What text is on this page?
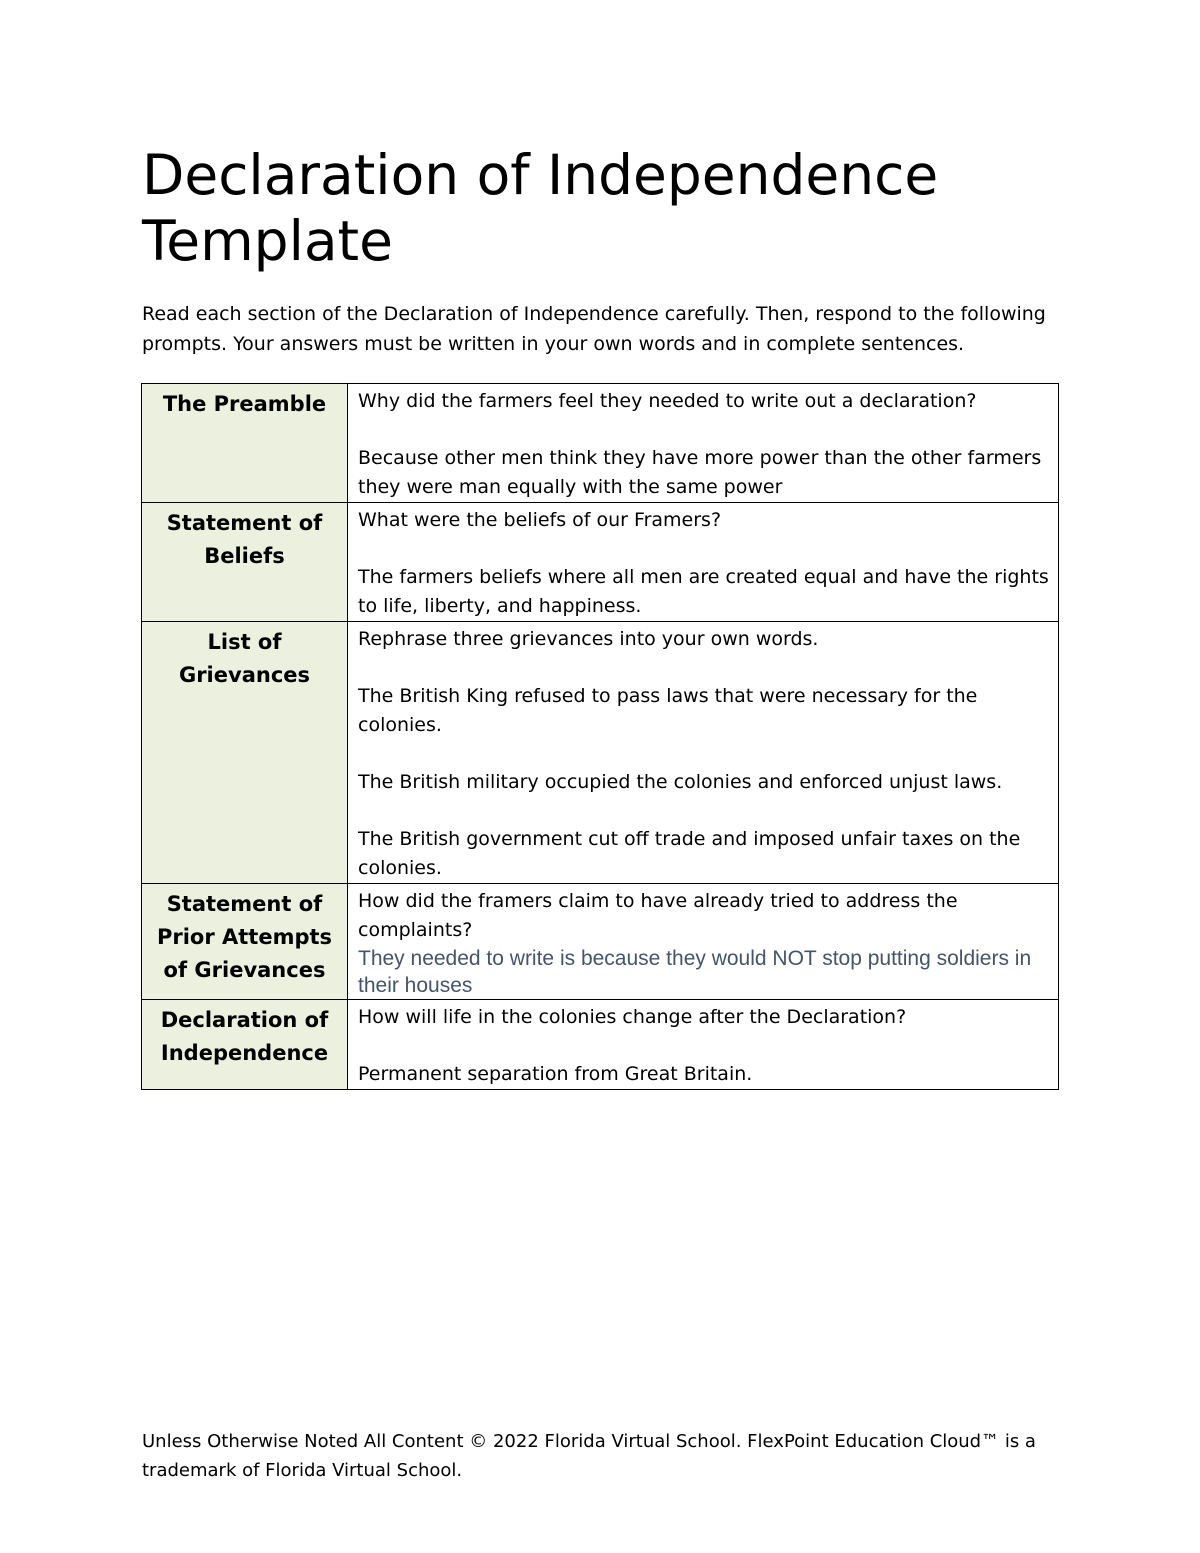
Declaration of Independence Template

Read each section of the Declaration of Independence carefully. Then, respond to the following prompts. Your answers must be written in your own words and in complete sentences.

The Preamble	Why did the farmers feel they needed to write out a declaration?
Because other men think they have more power than the other farmers they were man equally with the same power

Statement of Beliefs	What were the beliefs of our Framers?
The farmers beliefs where all men are created equal and have the rights to life, liberty, and happiness.

List of Grievances	Rephrase three grievances into your own words.
The British King refused to pass laws that were necessary for the colonies.
The British military occupied the colonies and enforced unjust laws.
The British government cut off trade and imposed unfair taxes on the colonies.

Statement of Prior Attempts of Grievances	How did the framers claim to have already tried to address the complaints?
They needed to write is because they would NOT stop putting soldiers in their houses

Declaration of Independence	How will life in the colonies change after the Declaration?
Permanent separation from Great Britain.

Unless Otherwise Noted All Content © 2022 Florida Virtual School. FlexPoint Education Cloud™ is a trademark of Florida Virtual School.
